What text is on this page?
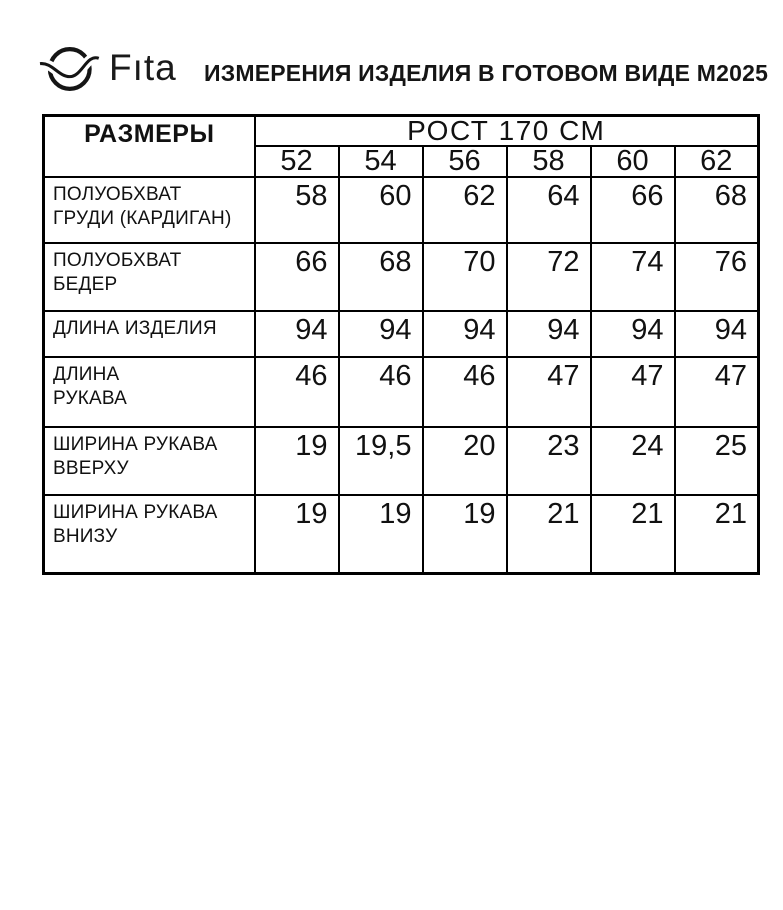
Fıta ИЗМЕРЕНИЯ ИЗДЕЛИЯ В ГОТОВОМ ВИДЕ М2025
РАЗМЕРЫ	РОСТ 170 СМ					
	52	54	56	58	60	62

ПОЛУОБХВАТ
ГРУДИ (КАРДИГАН)	58	60	62	64	66	68

ПОЛУОБХВАТ
БЕДЕР	66	68	70	72	74	76

ДЛИНА ИЗДЕЛИЯ	94	94	94	94	94	94

ДЛИНА
РУКАВА	46	46	46	47	47	47

ШИРИНА РУКАВА
ВВЕРХУ	19	19,5	20	23	24	25

ШИРИНА РУКАВА
ВНИЗУ	19	19	19	21	21	21
